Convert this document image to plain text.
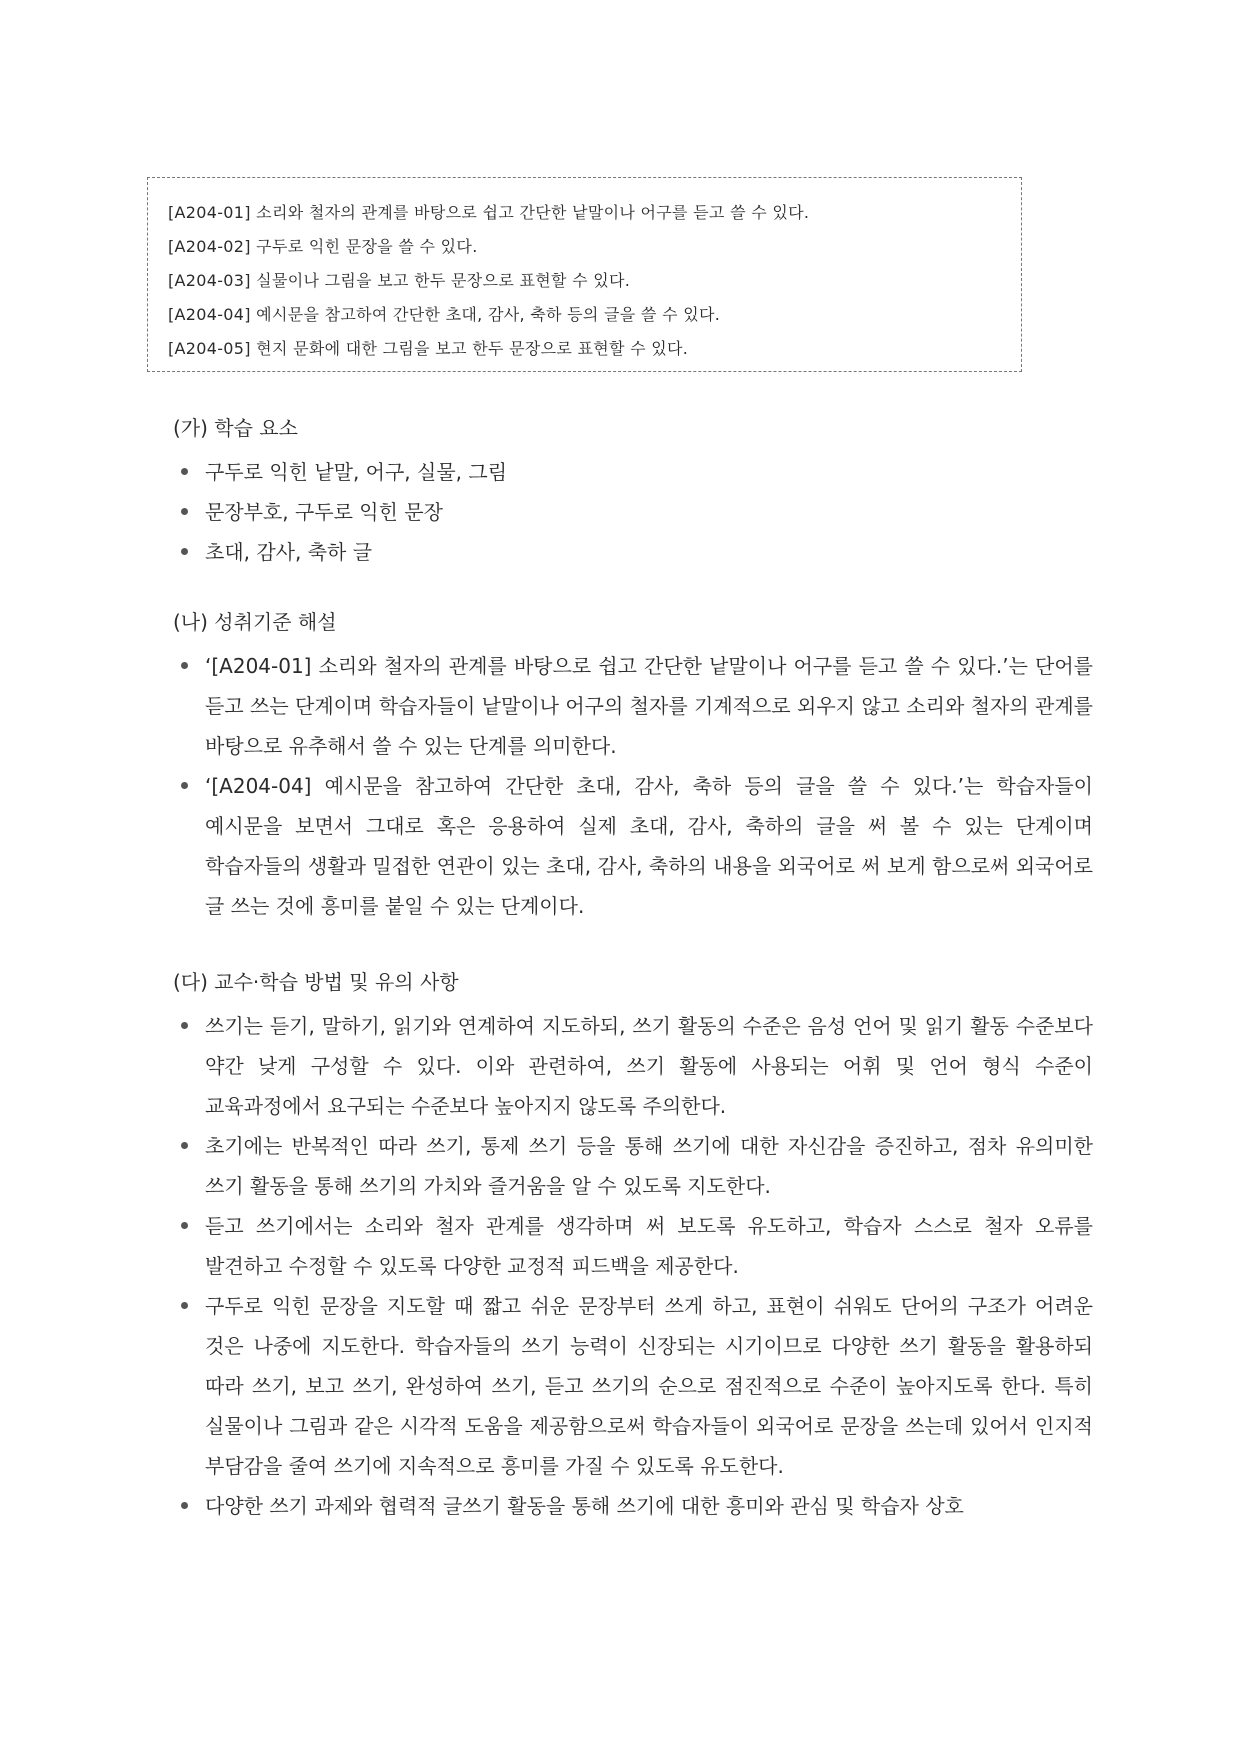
[A204-01] 소리와 철자의 관계를 바탕으로 쉽고 간단한 낱말이나 어구를 듣고 쓸 수 있다.
[A204-02] 구두로 익힌 문장을 쓸 수 있다.
[A204-03] 실물이나 그림을 보고 한두 문장으로 표현할 수 있다.
[A204-04] 예시문을 참고하여 간단한 초대, 감사, 축하 등의 글을 쓸 수 있다.
[A204-05] 현지 문화에 대한 그림을 보고 한두 문장으로 표현할 수 있다.
(가) 학습 요소
구두로 익힌 낱말, 어구, 실물, 그림
문장부호, 구두로 익힌 문장
초대, 감사, 축하 글
(나) 성취기준 해설
‘[A204-01] 소리와 철자의 관계를 바탕으로 쉽고 간단한 낱말이나 어구를 듣고 쓸 수 있다.’는 단어를 듣고 쓰는 단계이며 학습자들이 낱말이나 어구의 철자를 기계적으로 외우지 않고 소리와 철자의 관계를 바탕으로 유추해서 쓸 수 있는 단계를 의미한다.
‘[A204-04] 예시문을 참고하여 간단한 초대, 감사, 축하 등의 글을 쓸 수 있다.’는 학습자들이 예시문을 보면서 그대로 혹은 응용하여 실제 초대, 감사, 축하의 글을 써 볼 수 있는 단계이며 학습자들의 생활과 밀접한 연관이 있는 초대, 감사, 축하의 내용을 외국어로 써 보게 함으로써 외국어로 글 쓰는 것에 흥미를 붙일 수 있는 단계이다.
(다) 교수·학습 방법 및 유의 사항
쓰기는 듣기, 말하기, 읽기와 연계하여 지도하되, 쓰기 활동의 수준은 음성 언어 및 읽기 활동 수준보다 약간 낮게 구성할 수 있다. 이와 관련하여, 쓰기 활동에 사용되는 어휘 및 언어 형식 수준이 교육과정에서 요구되는 수준보다 높아지지 않도록 주의한다.
초기에는 반복적인 따라 쓰기, 통제 쓰기 등을 통해 쓰기에 대한 자신감을 증진하고, 점차 유의미한 쓰기 활동을 통해 쓰기의 가치와 즐거움을 알 수 있도록 지도한다.
듣고 쓰기에서는 소리와 철자 관계를 생각하며 써 보도록 유도하고, 학습자 스스로 철자 오류를 발견하고 수정할 수 있도록 다양한 교정적 피드백을 제공한다.
구두로 익힌 문장을 지도할 때 짧고 쉬운 문장부터 쓰게 하고, 표현이 쉬워도 단어의 구조가 어려운 것은 나중에 지도한다. 학습자들의 쓰기 능력이 신장되는 시기이므로 다양한 쓰기 활동을 활용하되 따라 쓰기, 보고 쓰기, 완성하여 쓰기, 듣고 쓰기의 순으로 점진적으로 수준이 높아지도록 한다. 특히 실물이나 그림과 같은 시각적 도움을 제공함으로써 학습자들이 외국어로 문장을 쓰는데 있어서 인지적 부담감을 줄여 쓰기에 지속적으로 흥미를 가질 수 있도록 유도한다.
다양한 쓰기 과제와 협력적 글쓰기 활동을 통해 쓰기에 대한 흥미와 관심 및 학습자 상호
